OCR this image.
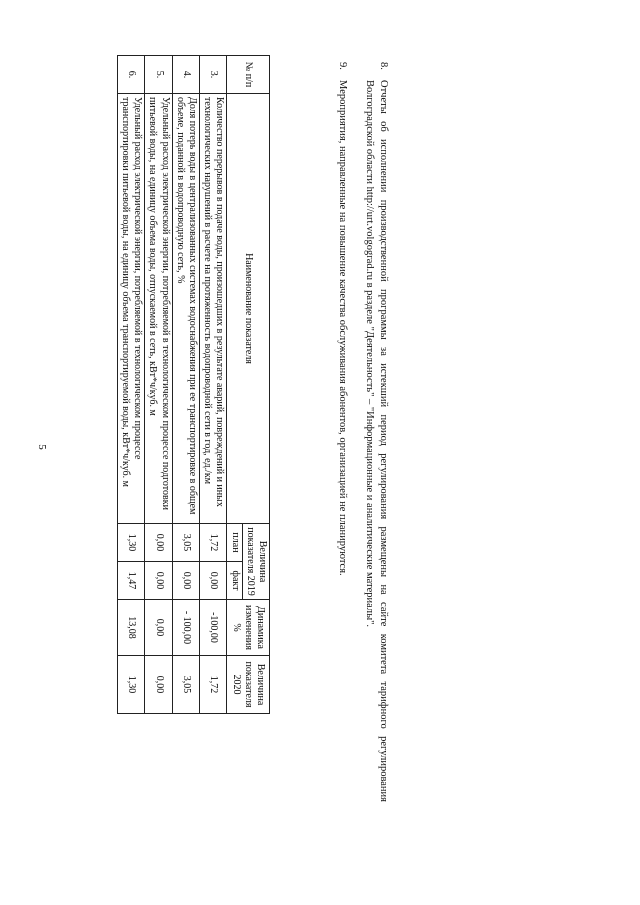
5
№ п/п	Наименование показателя	Величина показателя 2019		Динамика изменения %	Величина показателя 2020
		план	факт		
3.	Количество перерывов в подаче воды, произошедших в результате аварий, повреждений и иных технологических нарушений в расчете на протяженность водопроводной сети в год, ед./км	1,72	0,00	-100,00	1,72
4.	Доля потерь воды в централизованных системах водоснабжения при ее транспортировке в общем объеме, поданной в водопроводную сеть, %	3,05	0,00	- 100,00	3,05
5.	Удельный расход электрической энергии, потребляемой в технологическом процессе подготовки питьевой воды, на единицу объема воды, отпускаемой в сеть, кВт*ч/куб. м	0,00	0,00	0,00	0,00
6.	Удельный расход электрической энергии, потребляемой в технологическом процессе транспортировки питьевой воды, на единицу объема транспортируемой воды, кВт*ч/куб. м	1,30	1,47	13,08	1,30
8.
Отчеты об исполнении производственной программы за истекший период регулирования размещены на сайте комитета тарифного регулирования Волгоградской области http://urt.volgograd.ru в разделе "Деятельность" – "Информационные и аналитические материалы".
9.
Мероприятия, направленные на повышение качества обслуживания абонентов, организацией не планируются.
